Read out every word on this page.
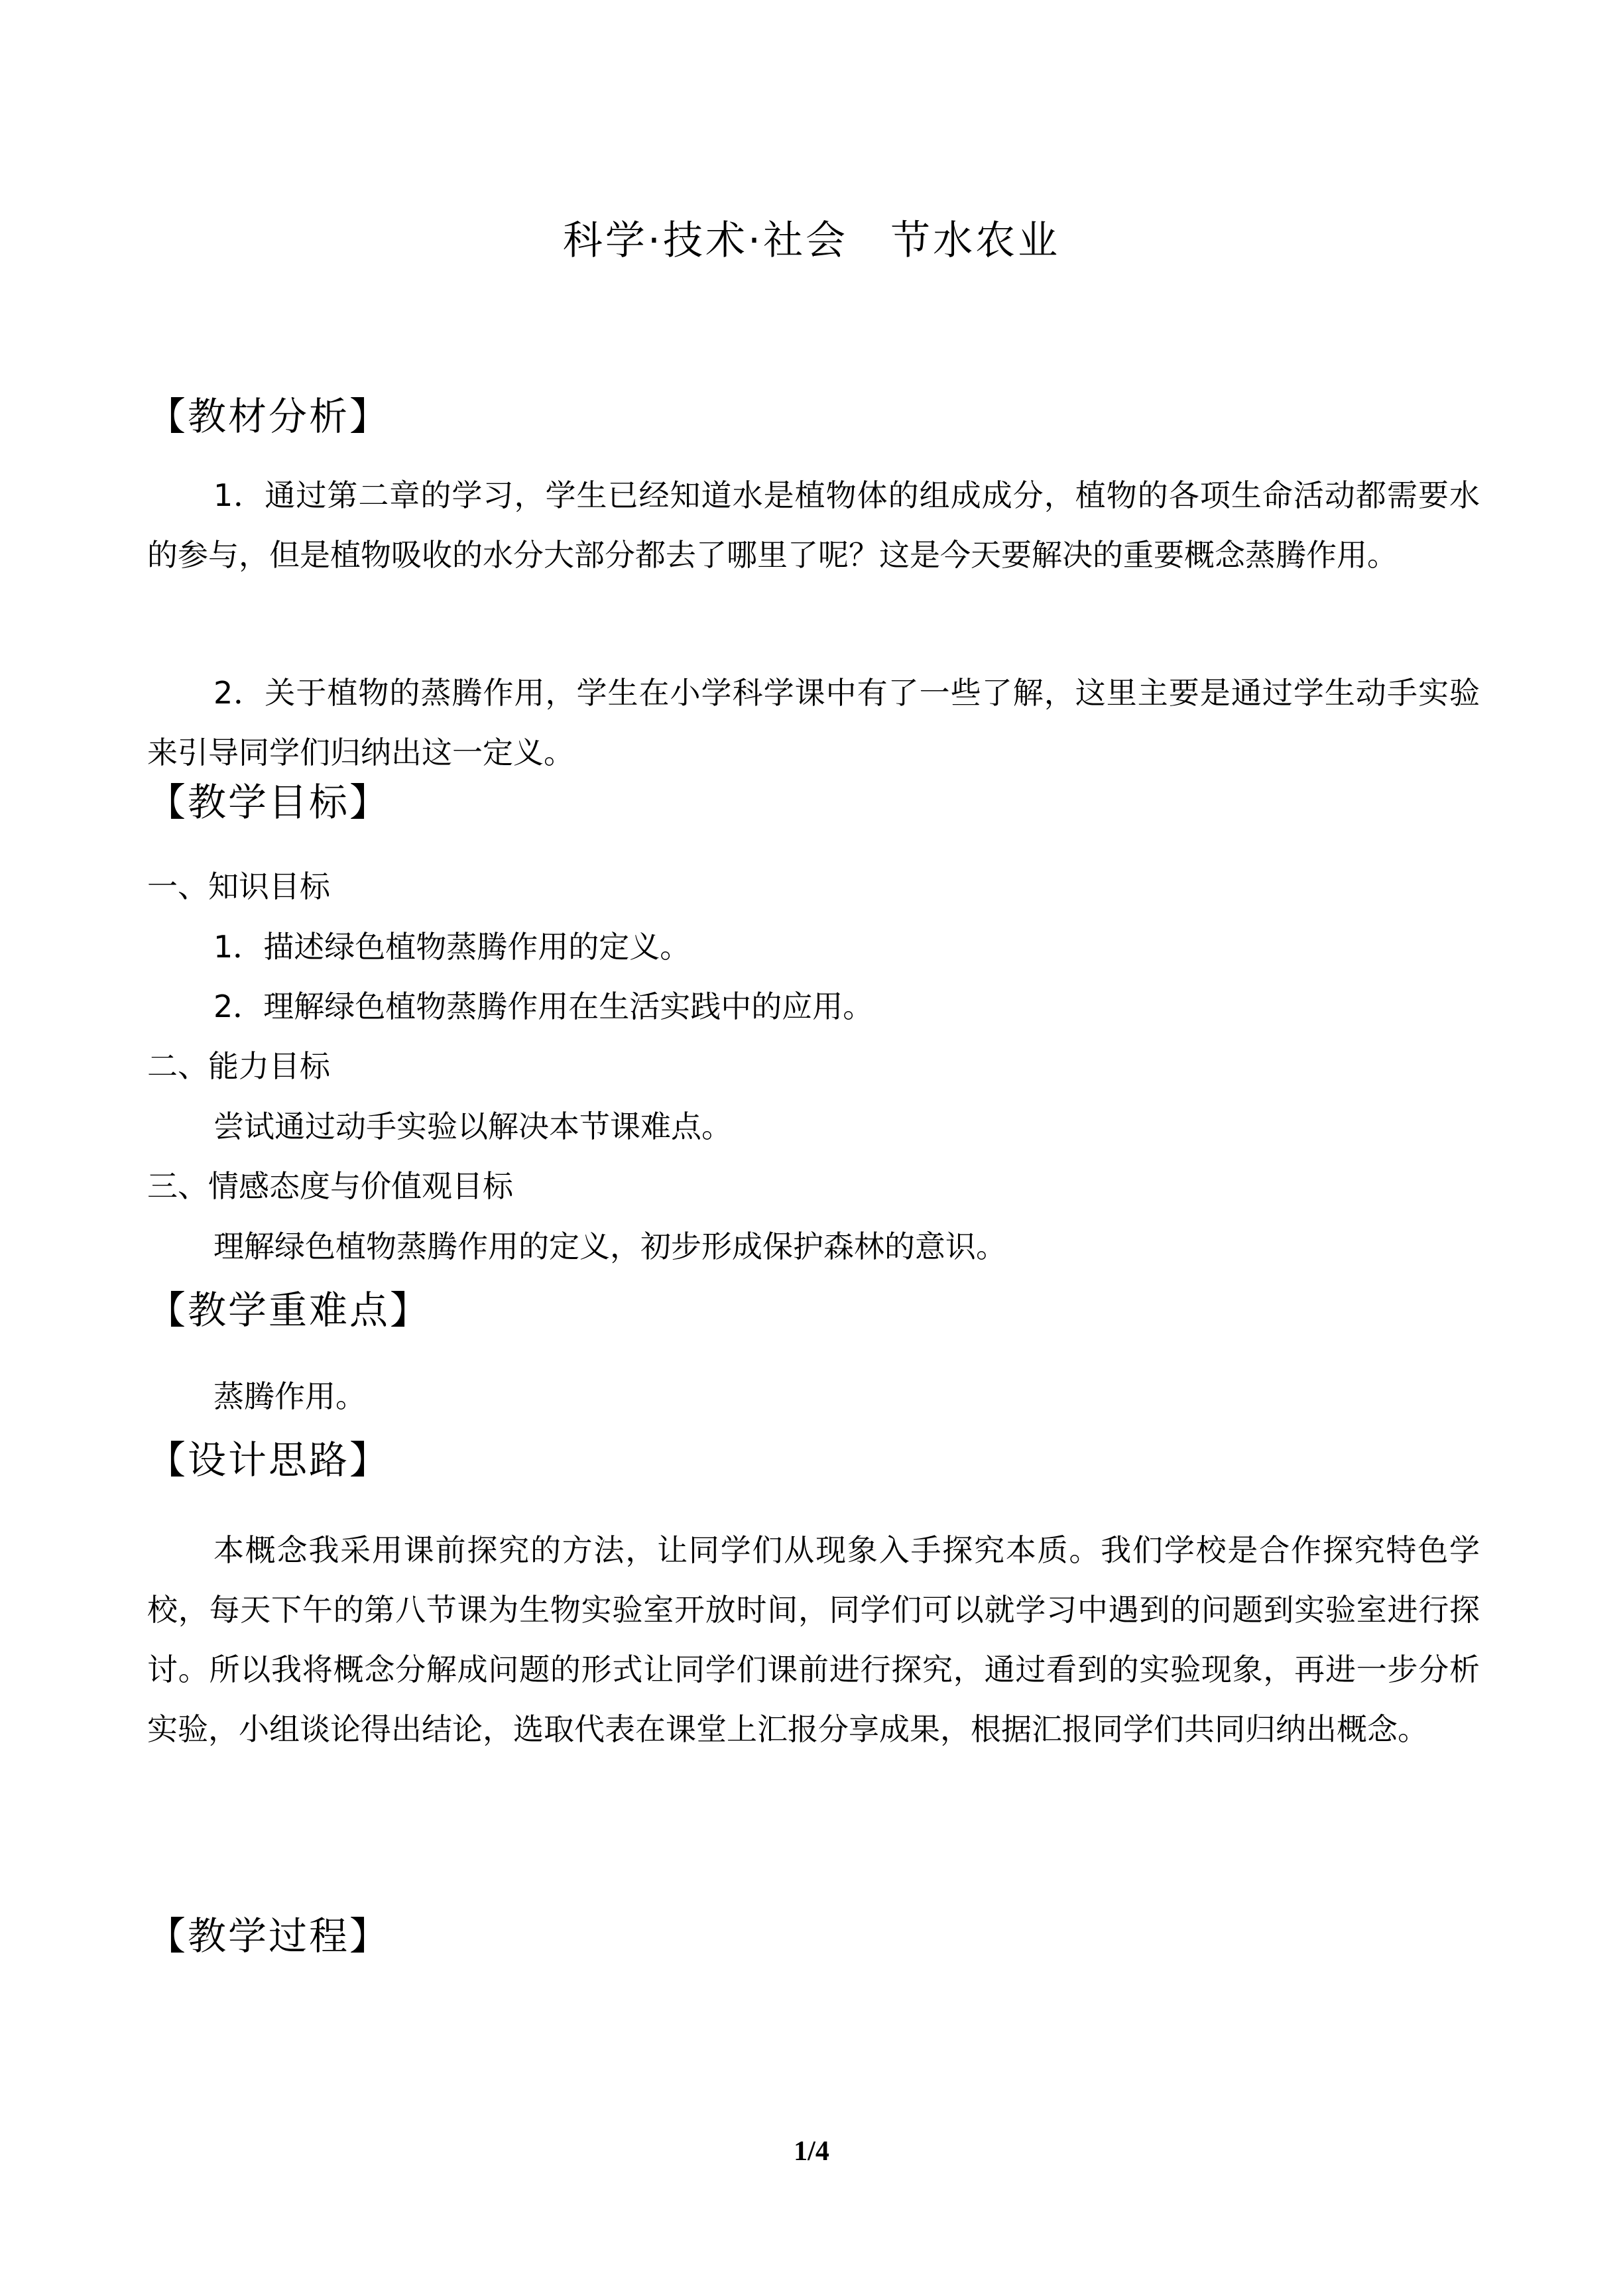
科学·技术·社会　节水农业
【教材分析】

1．通过第二章的学习，学生已经知道水是植物体的组成成分，植物的各项生命活动都需要水的参与，但是植物吸收的水分大部分都去了哪里了呢？这是今天要解决的重要概念蒸腾作用。

2．关于植物的蒸腾作用，学生在小学科学课中有了一些了解，这里主要是通过学生动手实验来引导同学们归纳出这一定义。

【教学目标】
一、知识目标
1．描述绿色植物蒸腾作用的定义。
2．理解绿色植物蒸腾作用在生活实践中的应用。
二、能力目标
尝试通过动手实验以解决本节课难点。
三、情感态度与价值观目标
理解绿色植物蒸腾作用的定义，初步形成保护森林的意识。
【教学重难点】
蒸腾作用。
【设计思路】

本概念我采用课前探究的方法，让同学们从现象入手探究本质。我们学校是合作探究特色学校，每天下午的第八节课为生物实验室开放时间，同学们可以就学习中遇到的问题到实验室进行探讨。所以我将概念分解成问题的形式让同学们课前进行探究，通过看到的实验现象，再进一步分析实验，小组谈论得出结论，选取代表在课堂上汇报分享成果，根据汇报同学们共同归纳出概念。

【教学过程】
1/4
